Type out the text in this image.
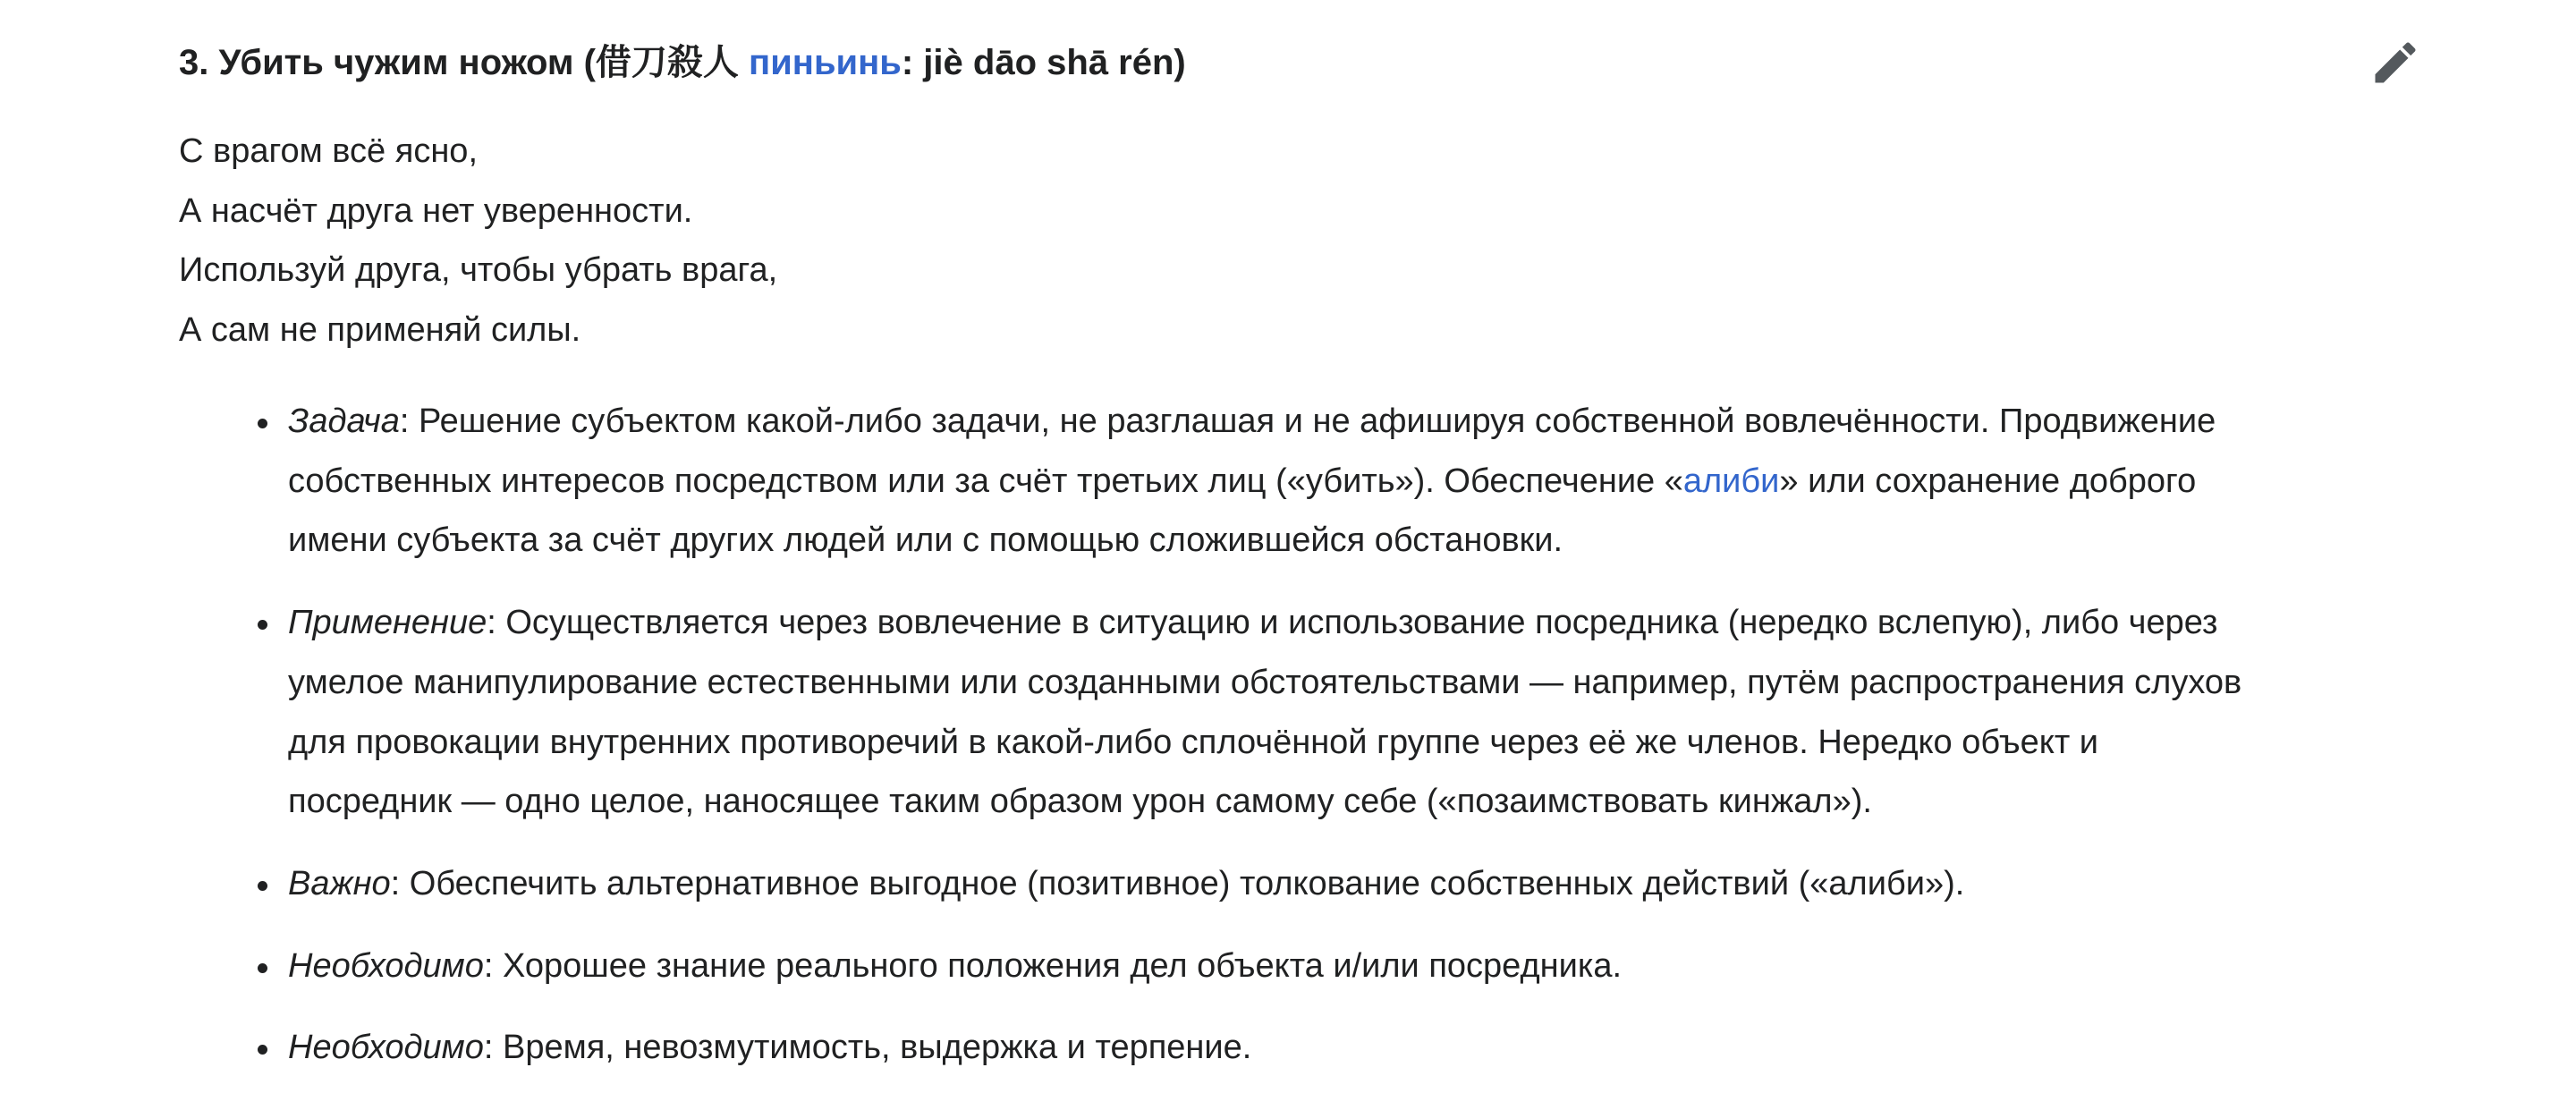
3. Убить чужим ножом (借刀殺人 пиньинь: jiè dāo shā rén)
С врагом всё ясно,
А насчёт друга нет уверенности.
Используй друга, чтобы убрать врага,
А сам не применяй силы.
Задача: Решение субъектом какой-либо задачи, не разглашая и не афишируя собственной вовлечённости. Продвижение
собственных интересов посредством или за счёт третьих лиц («убить»). Обеспечение «алиби» или сохранение доброго
имени субъекта за счёт других людей или с помощью сложившейся обстановки.
Применение: Осуществляется через вовлечение в ситуацию и использование посредника (нередко вслепую), либо через
умелое манипулирование естественными или созданными обстоятельствами — например, путём распространения слухов
для провокации внутренних противоречий в какой-либо сплочённой группе через её же членов. Нередко объект и
посредник — одно целое, наносящее таким образом урон самому себе («позаимствовать кинжал»).
Важно: Обеспечить альтернативное выгодное (позитивное) толкование собственных действий («алиби»).
Необходимо: Хорошее знание реального положения дел объекта и/или посредника.
Необходимо: Время, невозмутимость, выдержка и терпение.
